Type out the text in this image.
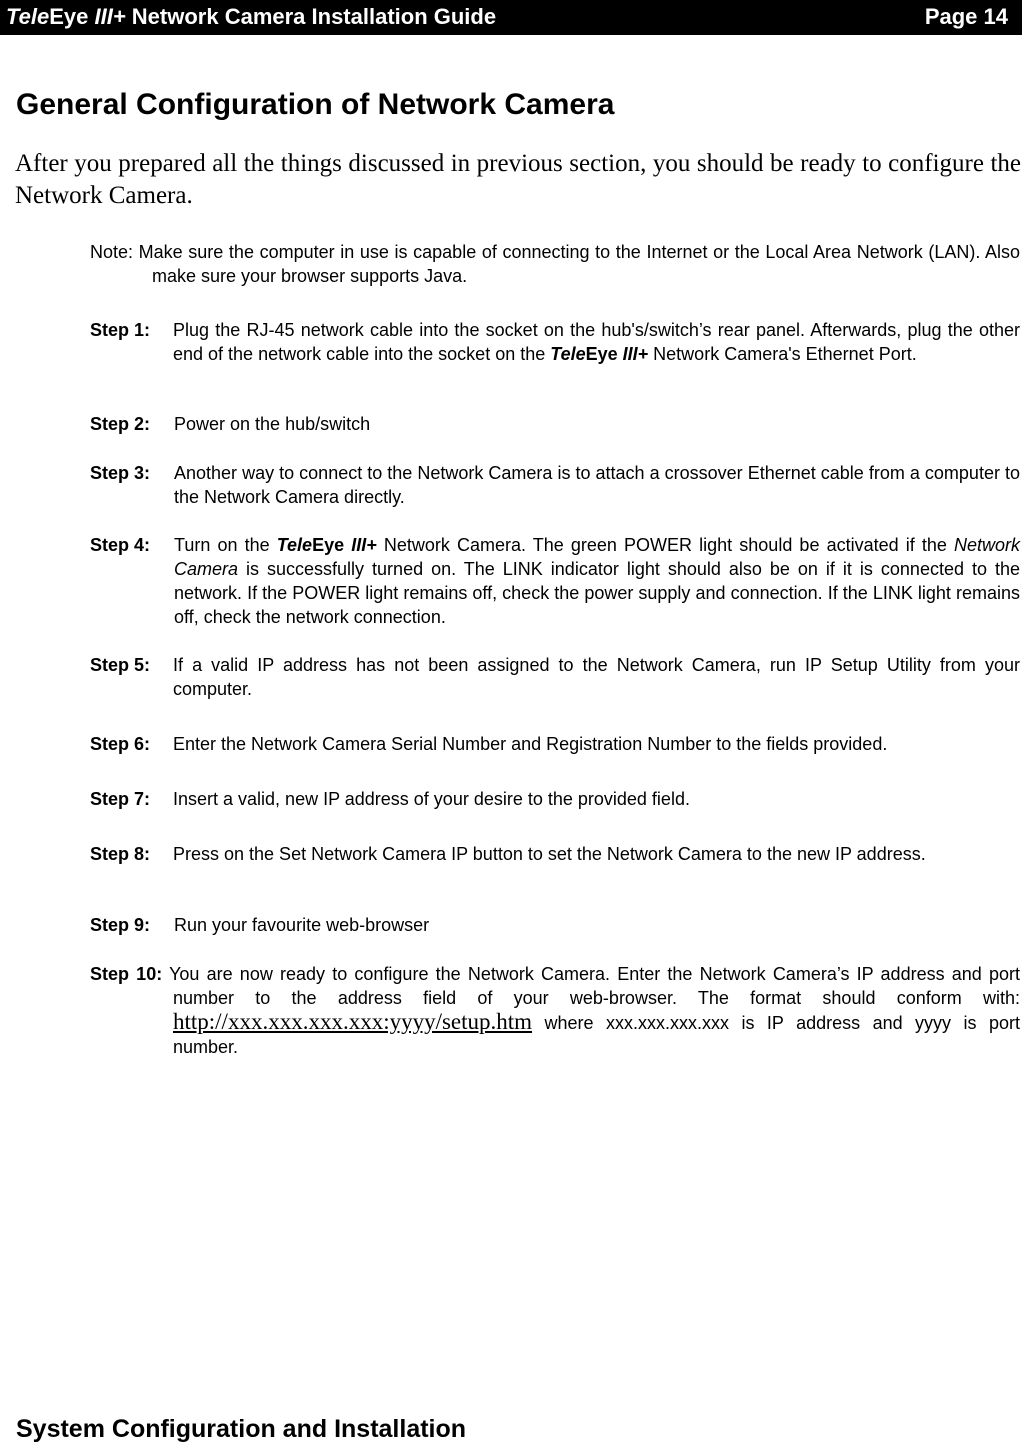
TeleEye III+ Network Camera Installation Guide	Page 14
General Configuration of Network Camera
After you prepared all the things discussed in previous section, you should be ready to configure the Network Camera.
Note: Make sure the computer in use is capable of connecting to the Internet or the Local Area Network (LAN). Also make sure your browser supports Java.
Step 1: Plug the RJ-45 network cable into the socket on the hub's/switch’s rear panel. Afterwards, plug the other end of the network cable into the socket on the TeleEye III+ Network Camera's Ethernet Port.
Step 2: Power on the hub/switch
Step 3: Another way to connect to the Network Camera is to attach a crossover Ethernet cable from a computer to the Network Camera directly.
Step 4: Turn on the TeleEye III+ Network Camera. The green POWER light should be activated if the Network Camera is successfully turned on. The LINK indicator light should also be on if it is connected to the network. If the POWER light remains off, check the power supply and connection. If the LINK light remains off, check the network connection.
Step 5: If a valid IP address has not been assigned to the Network Camera, run IP Setup Utility from your computer.
Step 6: Enter the Network Camera Serial Number and Registration Number to the fields provided.
Step 7: Insert a valid, new IP address of your desire to the provided field.
Step 8: Press on the Set Network Camera IP button to set the Network Camera to the new IP address.
Step 9: Run your favourite web-browser
Step 10: You are now ready to configure the Network Camera. Enter the Network Camera’s IP address and port number to the address field of your web-browser. The format should conform with: http://xxx.xxx.xxx.xxx:yyyy/setup.htm where xxx.xxx.xxx.xxx is IP address and yyyy is port number.
System Configuration and Installation
